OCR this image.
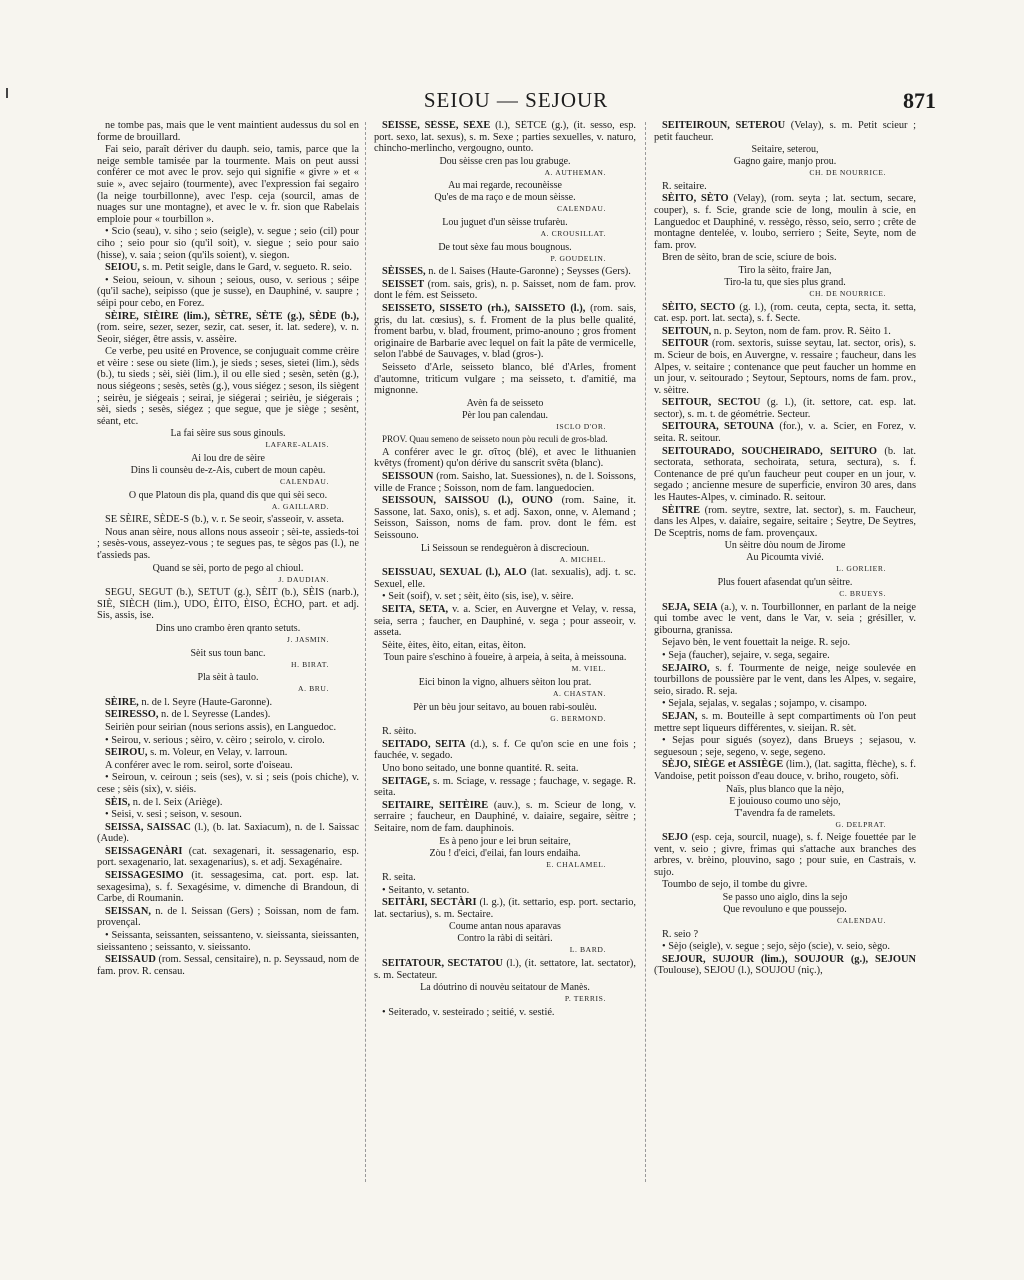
SEIOU — SEJOUR	871

ne tombe pas, mais que le vent maintient audessus du sol en forme de brouillard.

Fai seio, paraît dériver du dauph. seio, tamis, parce que la neige semble tamisée par la tourmente. Mais on peut aussi conférer ce mot avec le prov. sejo qui signifie « givre » et « suie », avec sejairo (tourmente), avec l'expression fai segairo (la neige tourbillonne), avec l'esp. ceja (sourcil, amas de nuages sur une montagne), et avec le v. fr. sion que Rabelais emploie pour « tourbillon ».

• Scio (seau), v. siho ; seio (seigle), v. segue ; seio (cil) pour ciho ; seio pour sio (qu'il soit), v. siegue ; seio pour saio (hisse), v. saia ; seion (qu'ils soient), v. siegon.

SEIOU, s. m. Petit seigle, dans le Gard, v. segueto. R. seio.

• Seiou, seioun, v. sihoun ; seious, ouso, v. serious ; séipe (qu'il sache), seipisso (que je susse), en Dauphiné, v. saupre ; séipi pour cebo, en Forez.

SÈIRE, SIÈIRE (lim.), SÈTRE, SÈTE (g.), SÈDE (b.), (rom. seire, sezer, sezer, sezir, cat. seser, it. lat. sedere), v. n. Seoir, siéger, être assis, v. assèire.

Ce verbe, peu usité en Provence, se conjuguait comme crèire et vèire : sese ou siete (lim.), je sieds ; seses, sietei (lim.), sèds (b.), tu sieds ; sèi, sièi (lim.), il ou elle sied ; sesèn, setèn (g.), nous siégeons ; sesès, setès (g.), vous siégez ; seson, ils siègent ; seirèu, je siégeais ; seirai, je siégerai ; seirièu, je siégerais ; sèi, sieds ; sesès, siégez ; que segue, que je siège ; sesènt, séant, etc.

La fai sèire sus sous ginouls.

LAFARE-ALAIS.

Ai lou dre de sèire

Dins lì counsèu de-z-Ais, cubert de moun capèu.

CALENDAU.

O que Platoun dis pla, quand dis que qui sèi seco.

A. GAILLARD.

SE SÈIRE, SÈDE-S (b.), v. r. Se seoir, s'asseoir, v. asseta.

Nous anan sèire, nous allons nous asseoir ; sèi-te, assieds-toi ; sesès-vous, asseyez-vous ; te segues pas, te sègos pas (l.), ne t'assieds pas.

Quand se sèi, porto de pego al chioul.

J. DAUDIAN.

SEGU, SEGUT (b.), SETUT (g.), SÈIT (b.), SÈIS (narb.), SIÈ, SIÈCH (lim.), UDO, ÈITO, ÈISO, ÈCHO, part. et adj. Sis, assis, ise.

Dins uno crambo èren qranto setuts.

J. JASMIN.

Sèit sus toun banc.

H. BIRAT.

Pla sèit à taulo.

A. BRU.

SÈIRE, n. de l. Seyre (Haute-Garonne).

SEIRESSO, n. de l. Seyresse (Landes).

Seirièn pour seirian (nous serions assis), en Languedoc.

• Seirou, v. serious ; sèiro, v. cèiro ; seirolo, v. cirolo.

SEIROU, s. m. Voleur, en Velay, v. larroun.

A conférer avec le rom. seirol, sorte d'oiseau.

• Seiroun, v. ceiroun ; seis (ses), v. si ; seis (pois chiche), v. cese ; sèis (six), v. siéis.

SÈIS, n. de l. Seix (Ariège).

• Seisi, v. sesi ; seison, v. sesoun.

SEISSA, SAISSAC (l.), (b. lat. Saxiacum), n. de l. Saissac (Aude).

SEISSAGENÀRI (cat. sexagenari, it. sessagenario, esp. port. sexagenario, lat. sexagenarius), s. et adj. Sexagénaire.

SEISSAGESIMO (it. sessagesima, cat. port. esp. lat. sexagesima), s. f. Sexagésime, v. dimenche di Brandoun, di Carbe, di Roumanin.

SEISSAN, n. de l. Seissan (Gers) ; Soissan, nom de fam. provençal.

• Seissanta, seissanten, seissanteno, v. sieissanta, sieissanten, sieissanteno ; seissanto, v. sieissanto.

SEISSAUD (rom. Sessal, censitaire), n. p. Seyssaud, nom de fam. prov. R. censau.

SÈISSE, SÈSSE, SÈXE (l.), SÈTCE (g.), (it. sesso, esp. port. sexo, lat. sexus), s. m. Sexe ; parties sexuelles, v. naturo, chincho-merlincho, vergougno, ounto.

Dou sèisse cren pas lou grabuge.

A. AUTHEMAN.

Au mai regarde, recounèisse

Qu'es de ma raço e de moun sèisse.

CALENDAU.

Lou juguet d'un sèisse trufarèu.

A. CROUSILLAT.

De tout sèxe fau mous bougnous.

P. GOUDELIN.

SÈISSES, n. de l. Saises (Haute-Garonne) ; Seysses (Gers).

SEISSET (rom. sais, gris), n. p. Saisset, nom de fam. prov. dont le fém. est Seisseto.

SEISSETO, SISSETO (rh.), SAISSETO (l.), (rom. sais, gris, du lat. cœsius), s. f. Froment de la plus belle qualité, froment barbu, v. blad, froument, primo-anouno ; gros froment originaire de Barbarie avec lequel on fait la pâte de vermicelle, selon l'abbé de Sauvages, v. blad (gros-).

Seisseto d'Arle, seisseto blanco, blé d'Arles, froment d'automne, triticum vulgare ; ma seisseto, t. d'amitié, ma mignonne.

Avèn fa de seisseto

Pèr lou pan calendau.

ISCLO D'OR.

PROV. Quau semeno de seisseto noun pòu reculi de gros-blad.

A conférer avec le gr. σῖτος (blé), et avec le lithuanien kvêtys (froment) qu'on dérive du sanscrit svêta (blanc).

SEISSOUN (rom. Saisho, lat. Suessiones), n. de l. Soissons, ville de France ; Soisson, nom de fam. languedocien.

SEISSOUN, SAISSOU (l.), OUNO (rom. Saine, it. Sassone, lat. Saxo, onis), s. et adj. Saxon, onne, v. Alemand ; Seisson, Saisson, noms de fam. prov. dont le fém. est Seissouno.

Li Seissoun se rendeguèron à discrecioun.

A. MICHEL.

SEISSUAU, SEXUAL (l.), ALO (lat. sexualis), adj. t. sc. Sexuel, elle.

• Seit (soif), v. set ; sèit, èito (sis, ise), v. sèire.

SEITA, SETA, v. a. Scier, en Auvergne et Velay, v. ressa, seia, serra ; faucher, en Dauphiné, v. sega ; pour asseoir, v. asseta.

Sèite, èites, èito, eitan, eitas, èiton.

Toun paire s'eschino à foueire, à arpeia, à seita, à meissouna.

M. VIEL.

Eici binon la vigno, alhuers sèiton lou prat.

A. CHASTAN.

Pèr un bèu jour seitavo, au bouen rabi-soulèu.

G. BERMOND.

R. sèito.

SEITADO, SEITA (d.), s. f. Ce qu'on scie en une fois ; fauchée, v. segado.

Uno bono seitado, une bonne quantité. R. seita.

SEITAGE, s. m. Sciage, v. ressage ; fauchage, v. segage. R. seita.

SEITAIRE, SEITÈIRE (auv.), s. m. Scieur de long, v. serraire ; faucheur, en Dauphiné, v. daiaire, segaire, sèitre ; Seitaire, nom de fam. dauphinois.

Es à peno jour e lei brun seitaire,

Zòu ! d'eici, d'eilai, fan lours endaiha.

E. CHALAMEL.

R. seita.

• Seitanto, v. setanto.

SEITÀRI, SECTÀRI (l. g.), (it. settario, esp. port. sectario, lat. sectarius), s. m. Sectaire.

Coume antan nous aparavas

Contro la ràbi di seitàri.

L. BARD.

SEITATOUR, SECTATOU (l.), (it. settatore, lat. sectator), s. m. Sectateur.

La dóutrino di nouvèu seitatour de Manès.

P. TERRIS.

• Seiterado, v. sesteirado ; seitié, v. sestié.

SEITEIROUN, SETEROU (Velay), s. m. Petit scieur ; petit faucheur.

Seitaire, seterou,

Gagno gaire, manjo prou.

CH. DE NOURRICE.

R. seitaire.

SÈITO, SÈTO (Velay), (rom. seyta ; lat. sectum, secare, couper), s. f. Scie, grande scie de long, moulin à scie, en Languedoc et Dauphiné, v. ressègo, rèsso, seio, serro ; crête de montagne dentelée, v. loubo, serriero ; Seite, Seyte, nom de fam. prov.

Bren de sèito, bran de scie, sciure de bois.

Tiro la sèito, fraire Jan,

Tiro-la tu, que sies plus grand.

CH. DE NOURRICE.

SÈITO, SECTO (g. l.), (rom. ceuta, cepta, secta, it. setta, cat. esp. port. lat. secta), s. f. Secte.

SEITOUN, n. p. Seyton, nom de fam. prov. R. Sèito 1.

SEITOUR (rom. sextoris, suisse seytau, lat. sector, oris), s. m. Scieur de bois, en Auvergne, v. ressaire ; faucheur, dans les Alpes, v. seitaire ; contenance que peut faucher un homme en un jour, v. seitourado ; Seytour, Septours, noms de fam. prov., v. sèitre.

SEITOUR, SECTOU (g. l.), (it. settore, cat. esp. lat. sector), s. m. t. de géométrie. Secteur.

SEITOURA, SETOUNA (for.), v. a. Scier, en Forez, v. seita. R. seitour.

SEITOURADO, SOUCHEIRADO, SEITURO (b. lat. sectorata, sethorata, sechoirata, setura, sectura), s. f. Contenance de pré qu'un faucheur peut couper en un jour, v. segado ; ancienne mesure de superficie, environ 30 ares, dans les Hautes-Alpes, v. ciminado. R. seitour.

SÈITRE (rom. seytre, sextre, lat. sector), s. m. Faucheur, dans les Alpes, v. daiaire, segaire, seitaire ; Seytre, De Seytres, De Sceptris, noms de fam. provençaux.

Un sèitre dòu noum de Jirome

Au Picoumta vivié.

L. GORLIER.

Plus fouert afasendat qu'un sèitre.

C. BRUEYS.

SEJA, SEIA (a.), v. n. Tourbillonner, en parlant de la neige qui tombe avec le vent, dans le Var, v. seia ; grésiller, v. gibourna, granissa.

Sejavo bèn, le vent fouettait la neige. R. sejo.

• Seja (faucher), sejaire, v. sega, segaire.

SEJAIRO, s. f. Tourmente de neige, neige soulevée en tourbillons de poussière par le vent, dans les Alpes, v. segaire, seio, sirado. R. seja.

• Sejala, sejalas, v. segalas ; sojampo, v. cisampo.

SEJAN, s. m. Bouteille à sept compartiments où l'on peut mettre sept liqueurs différentes, v. sieijan. R. sèt.

• Sejas pour sigués (soyez), dans Brueys ; sejasou, v. seguesoun ; seje, segeno, v. sege, segeno.

SÈJO, SIÈGE et ASSIÈGE (lim.), (lat. sagitta, flèche), s. f. Vandoise, petit poisson d'eau douce, v. briho, rougeto, sòfi.

Naïs, plus blanco que la nèjo,

E jouiouso coumo uno sèjo,

T'avendra fa de ramelets.

G. DELPRAT.

SEJO (esp. ceja, sourcil, nuage), s. f. Neige fouettée par le vent, v. seio ; givre, frimas qui s'attache aux branches des arbres, v. brèino, plouvino, sago ; pour suie, en Castrais, v. sujo.

Toumbo de sejo, il tombe du givre.

Se passo uno aiglo, dins la sejo

Que revouluno e que poussejo.

CALENDAU.

R. seio ?

• Sèjo (seigle), v. segue ; sejo, sèjo (scie), v. seio, sègo.

SEJOUR, SUJOUR (lim.), SOUJOUR (g.), SEJOUN (Toulouse), SEJOU (l.), SOUJOU (niç.),
